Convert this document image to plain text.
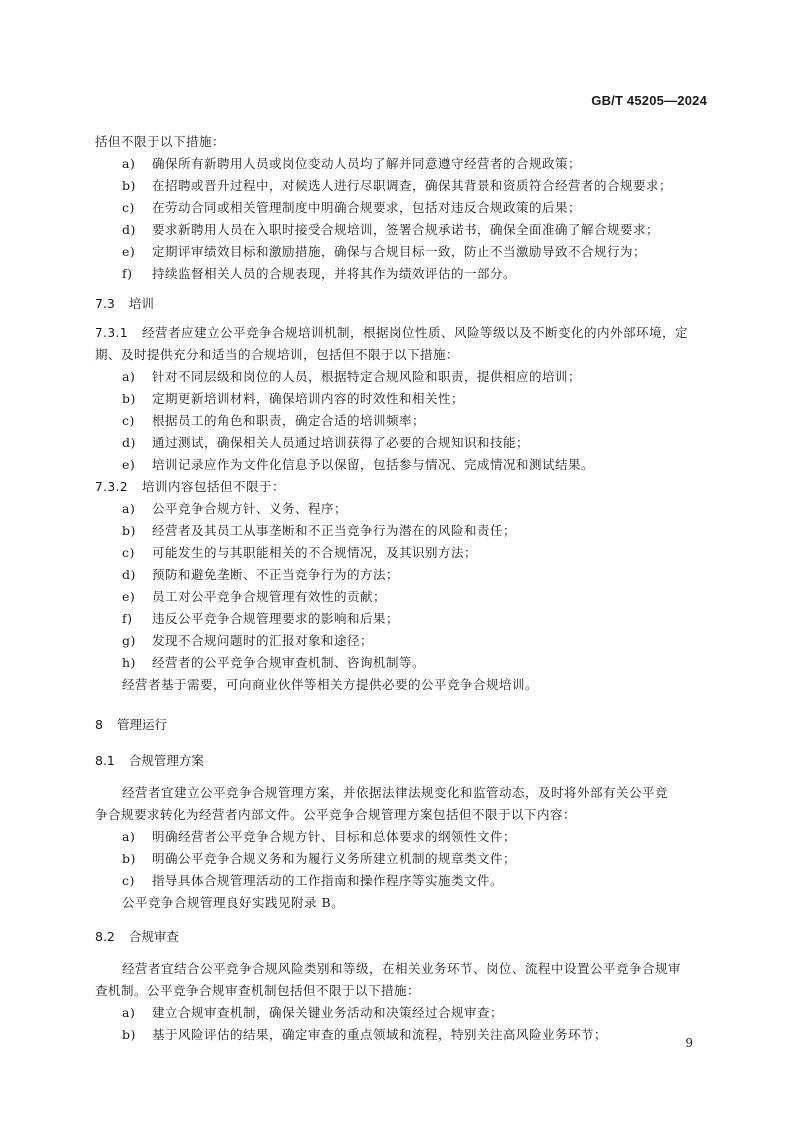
GB/T 45205—2024
括但不限于以下措施：
a) 确保所有新聘用人员或岗位变动人员均了解并同意遵守经营者的合规政策；
b) 在招聘或晋升过程中，对候选人进行尽职调查，确保其背景和资质符合经营者的合规要求；
c) 在劳动合同或相关管理制度中明确合规要求，包括对违反合规政策的后果；
d) 要求新聘用人员在入职时接受合规培训，签署合规承诺书，确保全面准确了解合规要求；
e) 定期评审绩效目标和激励措施，确保与合规目标一致，防止不当激励导致不合规行为；
f) 持续监督相关人员的合规表现，并将其作为绩效评估的一部分。
7.3 培训
7.3.1 经营者应建立公平竞争合规培训机制，根据岗位性质、风险等级以及不断变化的内外部环境，定
期、及时提供充分和适当的合规培训，包括但不限于以下措施：
a) 针对不同层级和岗位的人员，根据特定合规风险和职责，提供相应的培训；
b) 定期更新培训材料，确保培训内容的时效性和相关性；
c) 根据员工的角色和职责，确定合适的培训频率；
d) 通过测试，确保相关人员通过培训获得了必要的合规知识和技能；
e) 培训记录应作为文件化信息予以保留，包括参与情况、完成情况和测试结果。
7.3.2 培训内容包括但不限于：
a) 公平竞争合规方针、义务、程序；
b) 经营者及其员工从事垄断和不正当竞争行为潜在的风险和责任；
c) 可能发生的与其职能相关的不合规情况，及其识别方法；
d) 预防和避免垄断、不正当竞争行为的方法；
e) 员工对公平竞争合规管理有效性的贡献；
f) 违反公平竞争合规管理要求的影响和后果；
g) 发现不合规问题时的汇报对象和途径；
h) 经营者的公平竞争合规审查机制、咨询机制等。
经营者基于需要，可向商业伙伴等相关方提供必要的公平竞争合规培训。
8 管理运行
8.1 合规管理方案
经营者宜建立公平竞争合规管理方案，并依据法律法规变化和监管动态，及时将外部有关公平竞
争合规要求转化为经营者内部文件。公平竞争合规管理方案包括但不限于以下内容：
a) 明确经营者公平竞争合规方针、目标和总体要求的纲领性文件；
b) 明确公平竞争合规义务和为履行义务所建立机制的规章类文件；
c) 指导具体合规管理活动的工作指南和操作程序等实施类文件。
公平竞争合规管理良好实践见附录 B。
8.2 合规审查
经营者宜结合公平竞争合规风险类别和等级，在相关业务环节、岗位、流程中设置公平竞争合规审
查机制。公平竞争合规审查机制包括但不限于以下措施：
a) 建立合规审查机制，确保关键业务活动和决策经过合规审查；
b) 基于风险评估的结果，确定审查的重点领域和流程，特别关注高风险业务环节；
9
